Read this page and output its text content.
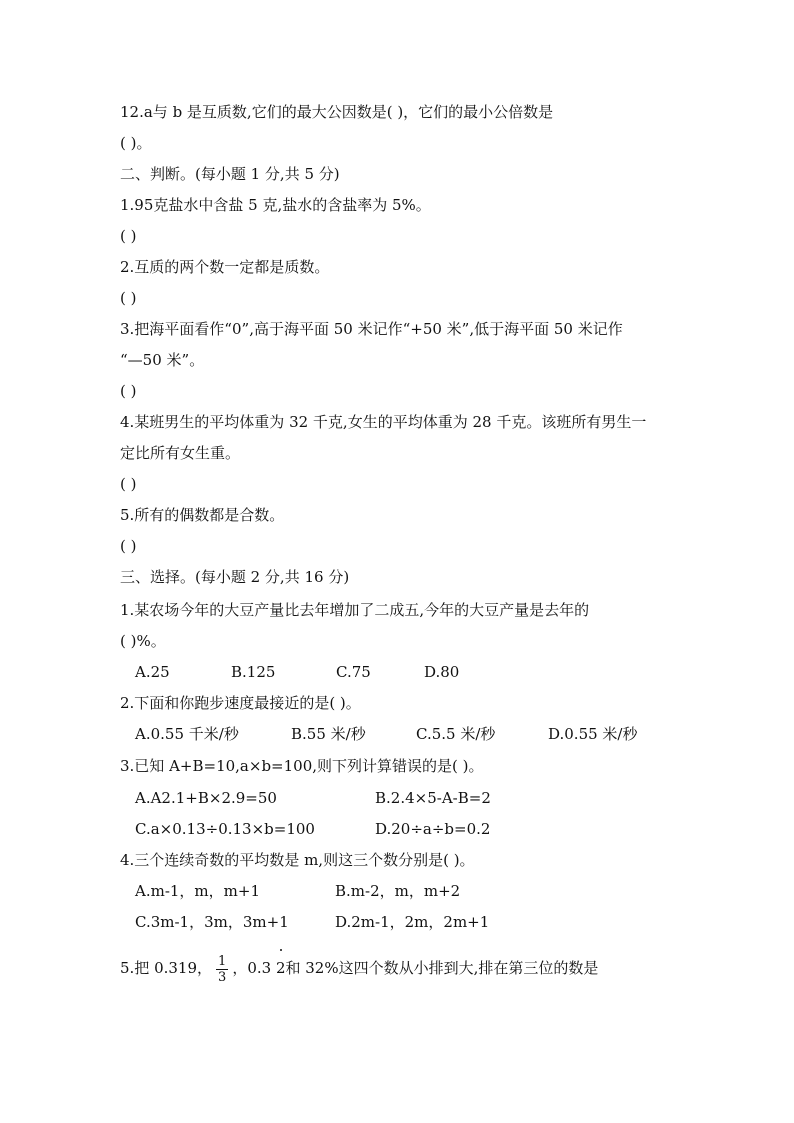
12.a与 b 是互质数,它们的最大公因数是( )，它们的最小公倍数是
( )。
二、判断。(每小题 1 分,共 5 分)
1.95克盐水中含盐 5 克,盐水的含盐率为 5%。
( )
2.互质的两个数一定都是质数。
( )
3.把海平面看作“0”,高于海平面 50 米记作“+50 米”,低于海平面 50 米记作
“—50 米”。
( )
4.某班男生的平均体重为 32 千克,女生的平均体重为 28 千克。该班所有男生一
定比所有女生重。
( )
5.所有的偶数都是合数。
( )
三、选择。(每小题 2 分,共 16 分)
1.某农场今年的大豆产量比去年增加了二成五,今年的大豆产量是去年的
( )%。
A.25	B.125	C.75	D.80
2.下面和你跑步速度最接近的是( )。
A.0.55 千米/秒	B.55 米/秒	C.5.5 米/秒	D.0.55 米/秒
3.已知 A+B=10,a×b=100,则下列计算错误的是( )。
A.A2.1+B×2.9=50	B.2.4×5-A-B=2
C.a×0.13÷0.13×b=100	D.20÷a÷b=0.2
4.三个连续奇数的平均数是 m,则这三个数分别是( )。
A.m-1，m，m+1	B.m-2，m，m+2
C.3m-1，3m，3m+1	D.2m-1，2m，2m+1
5.把 0.319， $\frac{1}{3}$ ，0.3 2和 32%这四个数从小排到大,排在第三位的数是
